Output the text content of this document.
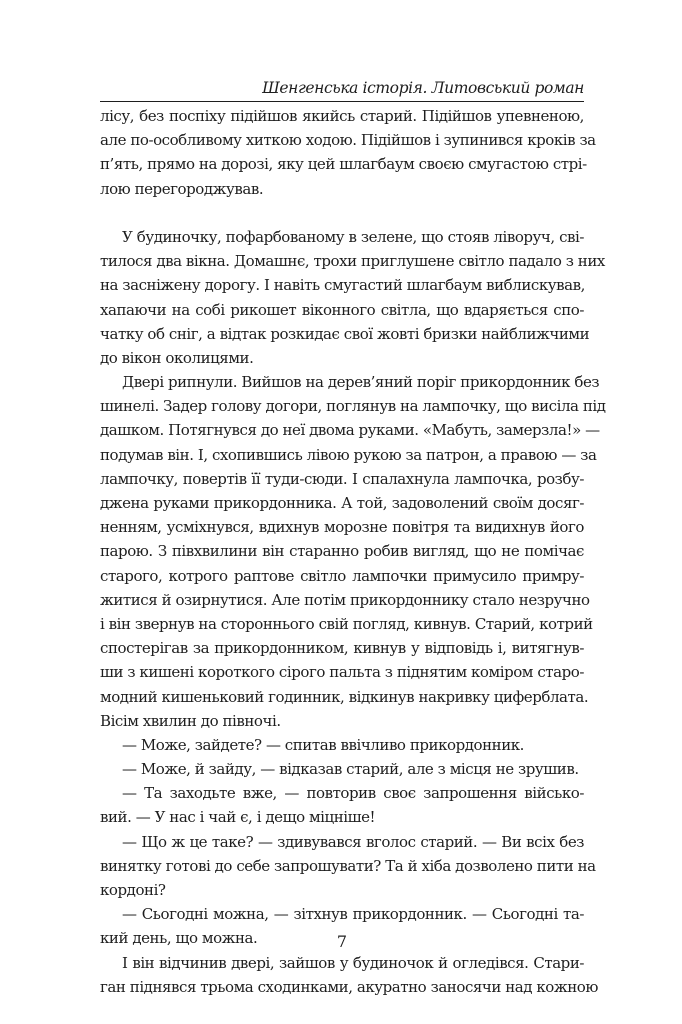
Шенгенська історія. Литовський роман
лісу, без поспіху підійшов якийсь старий. Підійшов упевненою,
але по-особливому хиткою ходою. Підійшов і зупинився кроків за
п’ять, прямо на дорозі, яку цей шлагбаум своєю смугастою стрі-
лою перегороджував.
У будиночку, пофарбованому в зелене, що стояв ліворуч, сві-
тилося два вікна. Домашнє, трохи приглушене світло падало з них
на засніжену дорогу. І навіть смугастий шлагбаум виблискував,
хапаючи на собі рикошет віконного світла, що вдаряється спо-
чатку об сніг, а відтак розкидає свої жовті бризки найближчими
до вікон околицями.
Двері рипнули. Вийшов на дерев’яний поріг прикордонник без
шинелі. Задер голову догори, поглянув на лампочку, що висіла під
дашком. Потягнувся до неї двома руками. «Мабуть, замерзла!» —
подумав він. І, схопившись лівою рукою за патрон, а правою — за
лампочку, повертів її туди-сюди. І спалахнула лампочка, розбу-
джена руками прикордонника. А той, задоволений своїм досяг-
ненням, усміхнувся, вдихнув морозне повітря та видихнув його
парою. З півхвилини він старанно робив вигляд, що не помічає
старого, котрого раптове світло лампочки примусило примру-
житися й озирнутися. Але потім прикордоннику стало незручно
і він звернув на стороннього свій погляд, кивнув. Старий, котрий
спостерігав за прикордонником, кивнув у відповідь і, витягнув-
ши з кишені короткого сірого пальта з піднятим коміром старо-
модний кишеньковий годинник, відкинув накривку циферблата.
Вісім хвилин до півночі.
— Може, зайдете? — спитав ввічливо прикордонник.
— Може, й зайду, — відказав старий, але з місця не зрушив.
— Та заходьте вже, — повторив своє запрошення військо-
вий. — У нас і чай є, і дещо міцніше!
— Що ж це таке? — здивувався вголос старий. — Ви всіх без
винятку готові до себе запрошувати? Та й хіба дозволено пити на
кордоні?
— Сьогодні можна, — зітхнув прикордонник. — Сьогодні та-
кий день, що можна.
І він відчинив двері, зайшов у будиночок й огледівся. Стари-
ган піднявся трьома сходинками, акуратно заносячи над кожною
7
